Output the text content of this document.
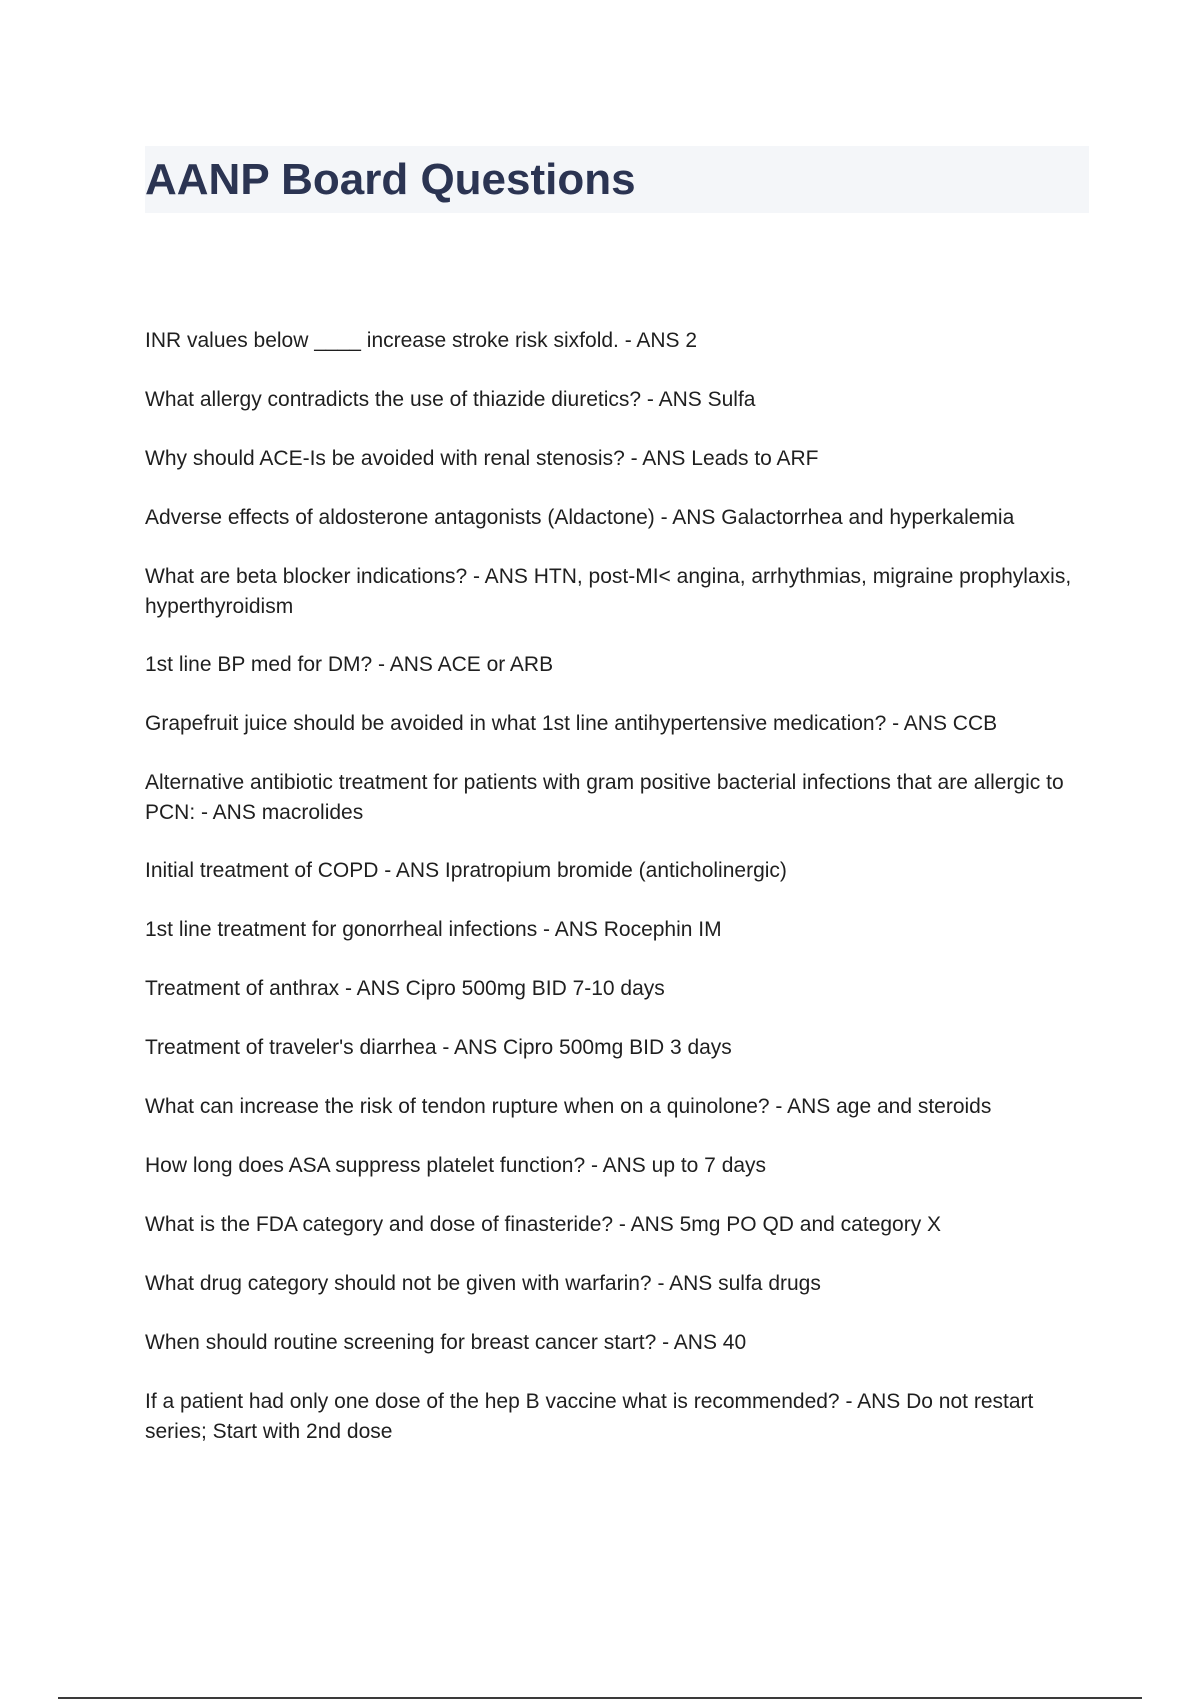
AANP Board Questions
INR values below ____ increase stroke risk sixfold. - ANS 2
What allergy contradicts the use of thiazide diuretics? - ANS Sulfa
Why should ACE-Is be avoided with renal stenosis? - ANS Leads to ARF
Adverse effects of aldosterone antagonists (Aldactone) - ANS Galactorrhea and hyperkalemia
What are beta blocker indications? - ANS HTN, post-MI< angina, arrhythmias, migraine prophylaxis, hyperthyroidism
1st line BP med for DM? - ANS ACE or ARB
Grapefruit juice should be avoided in what 1st line antihypertensive medication? - ANS CCB
Alternative antibiotic treatment for patients with gram positive bacterial infections that are allergic to PCN: - ANS macrolides
Initial treatment of COPD - ANS Ipratropium bromide (anticholinergic)
1st line treatment for gonorrheal infections - ANS Rocephin IM
Treatment of anthrax - ANS Cipro 500mg BID 7-10 days
Treatment of traveler's diarrhea - ANS Cipro 500mg BID 3 days
What can increase the risk of tendon rupture when on a quinolone? - ANS age and steroids
How long does ASA suppress platelet function? - ANS up to 7 days
What is the FDA category and dose of finasteride? - ANS 5mg PO QD and category X
What drug category should not be given with warfarin? - ANS sulfa drugs
When should routine screening for breast cancer start? - ANS 40
If a patient had only one dose of the hep B vaccine what is recommended? - ANS Do not restart series; Start with 2nd dose
